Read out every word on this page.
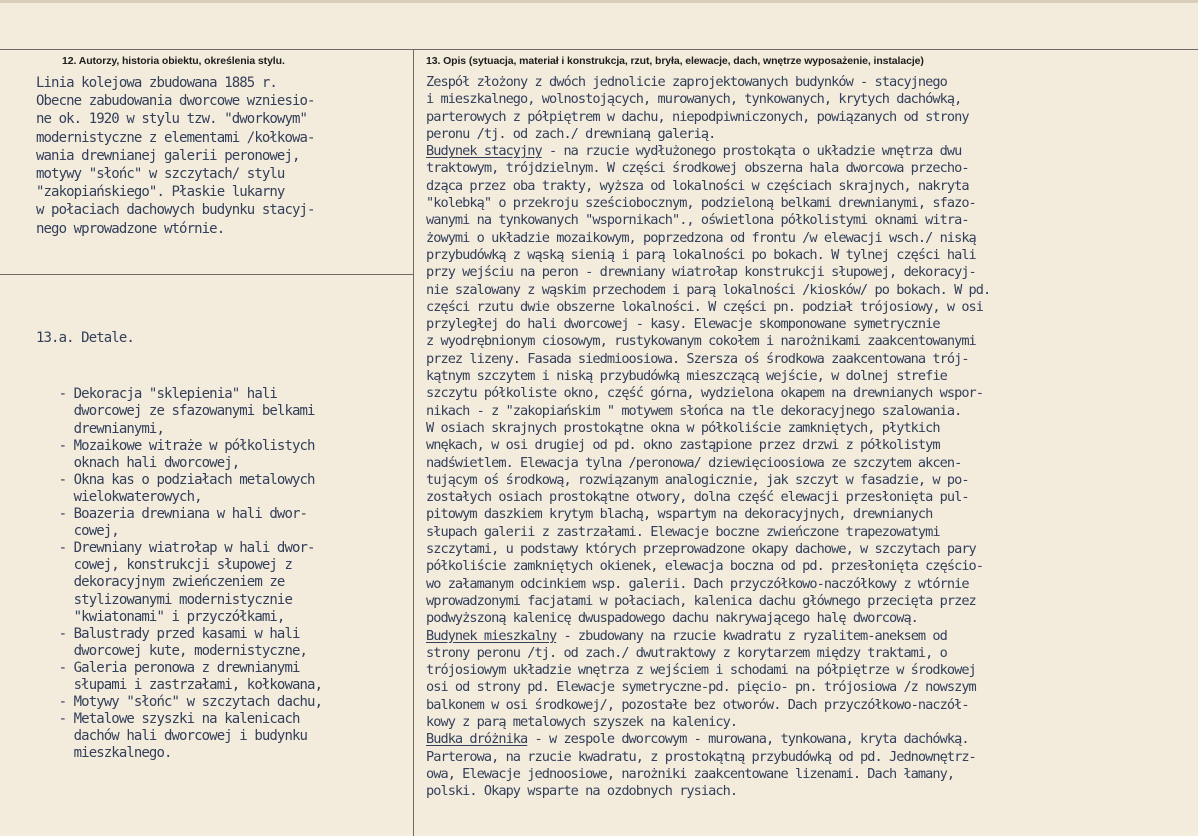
12. Autorzy, historia obiektu, określenia stylu.	13. Opis (sytuacja, materiał i konstrukcja, rzut, bryła, elewacje, dach, wnętrze wyposażenie, instalacje)
Linia kolejowa zbudowana 1885 r.
Obecne zabudowania dworcowe wzniesio-
ne ok. 1920 w stylu tzw. "dworkowym"
modernistyczne z elementami /kołkowa-
wania drewnianej galerii peronowej,
motywy "słońc" w szczytach/ stylu
"zakopiańskiego". Płaskie lukarny
w połaciach dachowych budynku stacyj-
nego wprowadzone wtórnie.

13.a. Detale.

- Dekoracja "sklepienia" hali
dworcowej ze sfazowanymi belkami
drewnianymi,
- Mozaikowe witraże w półkolistych
oknach hali dworcowej,
- Okna kas o podziałach metalowych
wielokwaterowych,
- Boazeria drewniana w hali dwor-
cowej,
- Drewniany wiatrołap w hali dwor-
cowej, konstrukcji słupowej z
dekoracyjnym zwieńczeniem ze
stylizowanymi modernistycznie
"kwiatonami" i przyczółkami,
- Balustrady przed kasami w hali
dworcowej kute, modernistyczne,
- Galeria peronowa z drewnianymi
słupami i zastrzałami, kołkowana,
- Motywy "słońc" w szczytach dachu,
- Metalowe szyszki na kalenicach
dachów hali dworcowej i budynku
mieszkalnego.

Zespół złożony z dwóch jednolicie zaprojektowanych budynków - stacyjnego
i mieszkalnego, wolnostojących, murowanych, tynkowanych, krytych dachówką,
parterowych z półpiętrem w dachu, niepodpiwniczonych, powiązanych od strony
peronu /tj. od zach./ drewnianą galerią.
Budynek stacyjny - na rzucie wydłużonego prostokąta o układzie wnętrza dwu
traktowym, trójdzielnym. W części środkowej obszerna hala dworcowa przecho-
dząca przez oba trakty, wyższa od lokalności w częściach skrajnych, nakryta
"kolebką" o przekroju sześciobocznym, podzieloną belkami drewnianymi, sfazo-
wanymi na tynkowanych "wspornikach"., oświetlona półkolistymi oknami witra-
żowymi o układzie mozaikowym, poprzedzona od frontu /w elewacji wsch./ niską
przybudówką z wąską sienią i parą lokalności po bokach. W tylnej części hali
przy wejściu na peron - drewniany wiatrołap konstrukcji słupowej, dekoracyj-
nie szalowany z wąskim przechodem i parą lokalności /kiosków/ po bokach. W pd.
części rzutu dwie obszerne lokalności. W części pn. podział trójosiowy, w osi
przyległej do hali dworcowej - kasy. Elewacje skomponowane symetrycznie
z wyodrębnionym ciosowym, rustykowanym cokołem i narożnikami zaakcentowanymi
przez lizeny. Fasada siedmioosiowa. Szersza oś środkowa zaakcentowana trój-
kątnym szczytem i niską przybudówką mieszczącą wejście, w dolnej strefie
szczytu półkoliste okno, część górna, wydzielona okapem na drewnianych wspor-
nikach - z "zakopiańskim " motywem słońca na tle dekoracyjnego szalowania.
W osiach skrajnych prostokątne okna w półkoliście zamkniętych, płytkich
wnękach, w osi drugiej od pd. okno zastąpione przez drzwi z półkolistym
nadświetlem. Elewacja tylna /peronowa/ dziewięcioosiowa ze szczytem akcen-
tującym oś środkową, rozwiązanym analogicznie, jak szczyt w fasadzie, w po-
zostałych osiach prostokątne otwory, dolna część elewacji przesłonięta pul-
pitowym daszkiem krytym blachą, wspartym na dekoracyjnych, drewnianych
słupach galerii z zastrzałami. Elewacje boczne zwieńczone trapezowatymi
szczytami, u podstawy których przeprowadzone okapy dachowe, w szczytach pary
półkoliście zamkniętych okienek, elewacja boczna od pd. przesłonięta częścio-
wo załamanym odcinkiem wsp. galerii. Dach przyczółkowo-naczółkowy z wtórnie
wprowadzonymi facjatami w połaciach, kalenica dachu głównego przecięta przez
podwyższoną kalenicę dwuspadowego dachu nakrywającego halę dworcową.
Budynek mieszkalny - zbudowany na rzucie kwadratu z ryzalitem-aneksem od
strony peronu /tj. od zach./ dwutraktowy z korytarzem między traktami, o
trójosiowym układzie wnętrza z wejściem i schodami na półpiętrze w środkowej
osi od strony pd. Elewacje symetryczne-pd. pięcio- pn. trójosiowa /z nowszym
balkonem w osi środkowej/, pozostałe bez otworów. Dach przyczółkowo-naczół-
kowy z parą metalowych szyszek na kalenicy.
Budka dróżnika - w zespole dworcowym - murowana, tynkowana, kryta dachówką.
Parterowa, na rzucie kwadratu, z prostokątną przybudówką od pd. Jednownętrz-
owa, Elewacje jednoosiowe, narożniki zaakcentowane lizenami. Dach łamany,
polski. Okapy wsparte na ozdobnych rysiach.
